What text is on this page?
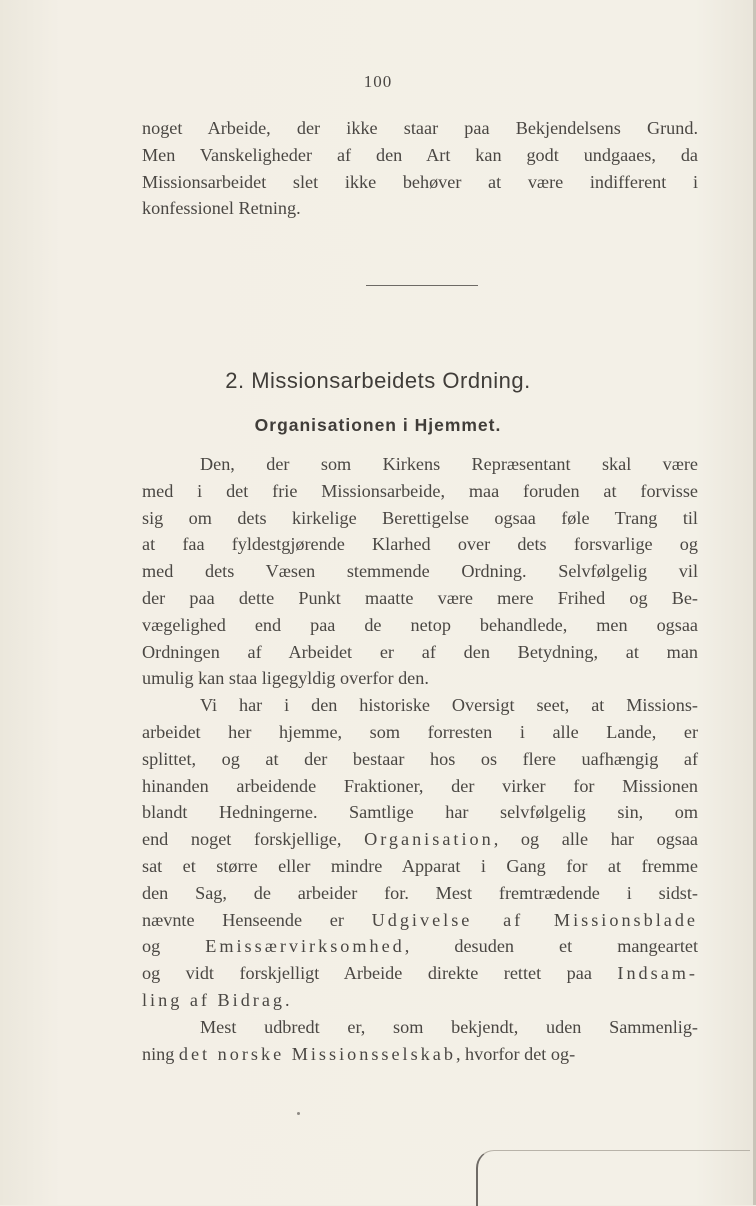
100
noget Arbeide, der ikke staar paa Bekjendelsens Grund.
Men Vanskeligheder af den Art kan godt undgaaes, da
Missionsarbeidet slet ikke behøver at være indifferent i
konfessionel Retning.
2. Missionsarbeidets Ordning.
Organisationen i Hjemmet.
Den, der som Kirkens Repræsentant skal være
med i det frie Missionsarbeide, maa foruden at forvisse
sig om dets kirkelige Berettigelse ogsaa føle Trang til
at faa fyldestgjørende Klarhed over dets forsvarlige og
med dets Væsen stemmende Ordning. Selvfølgelig vil
der paa dette Punkt maatte være mere Frihed og Be-
vægelighed end paa de netop behandlede, men ogsaa
Ordningen af Arbeidet er af den Betydning, at man
umulig kan staa ligegyldig overfor den.
Vi har i den historiske Oversigt seet, at Missions-
arbeidet her hjemme, som forresten i alle Lande, er
splittet, og at der bestaar hos os flere uafhængig af
hinanden arbeidende Fraktioner, der virker for Missionen
blandt Hedningerne. Samtlige har selvfølgelig sin, om
end noget forskjellige, Organisation, og alle har ogsaa
sat et større eller mindre Apparat i Gang for at fremme
den Sag, de arbeider for. Mest fremtrædende i sidst-
nævnte Henseende er Udgivelse af Missionsblade
og Emissærvirksomhed, desuden et mangeartet
og vidt forskjelligt Arbeide direkte rettet paa Indsam-
ling af Bidrag.
Mest udbredt er, som bekjendt, uden Sammenlig-
ning det norske Missionsselskab, hvorfor det og-
